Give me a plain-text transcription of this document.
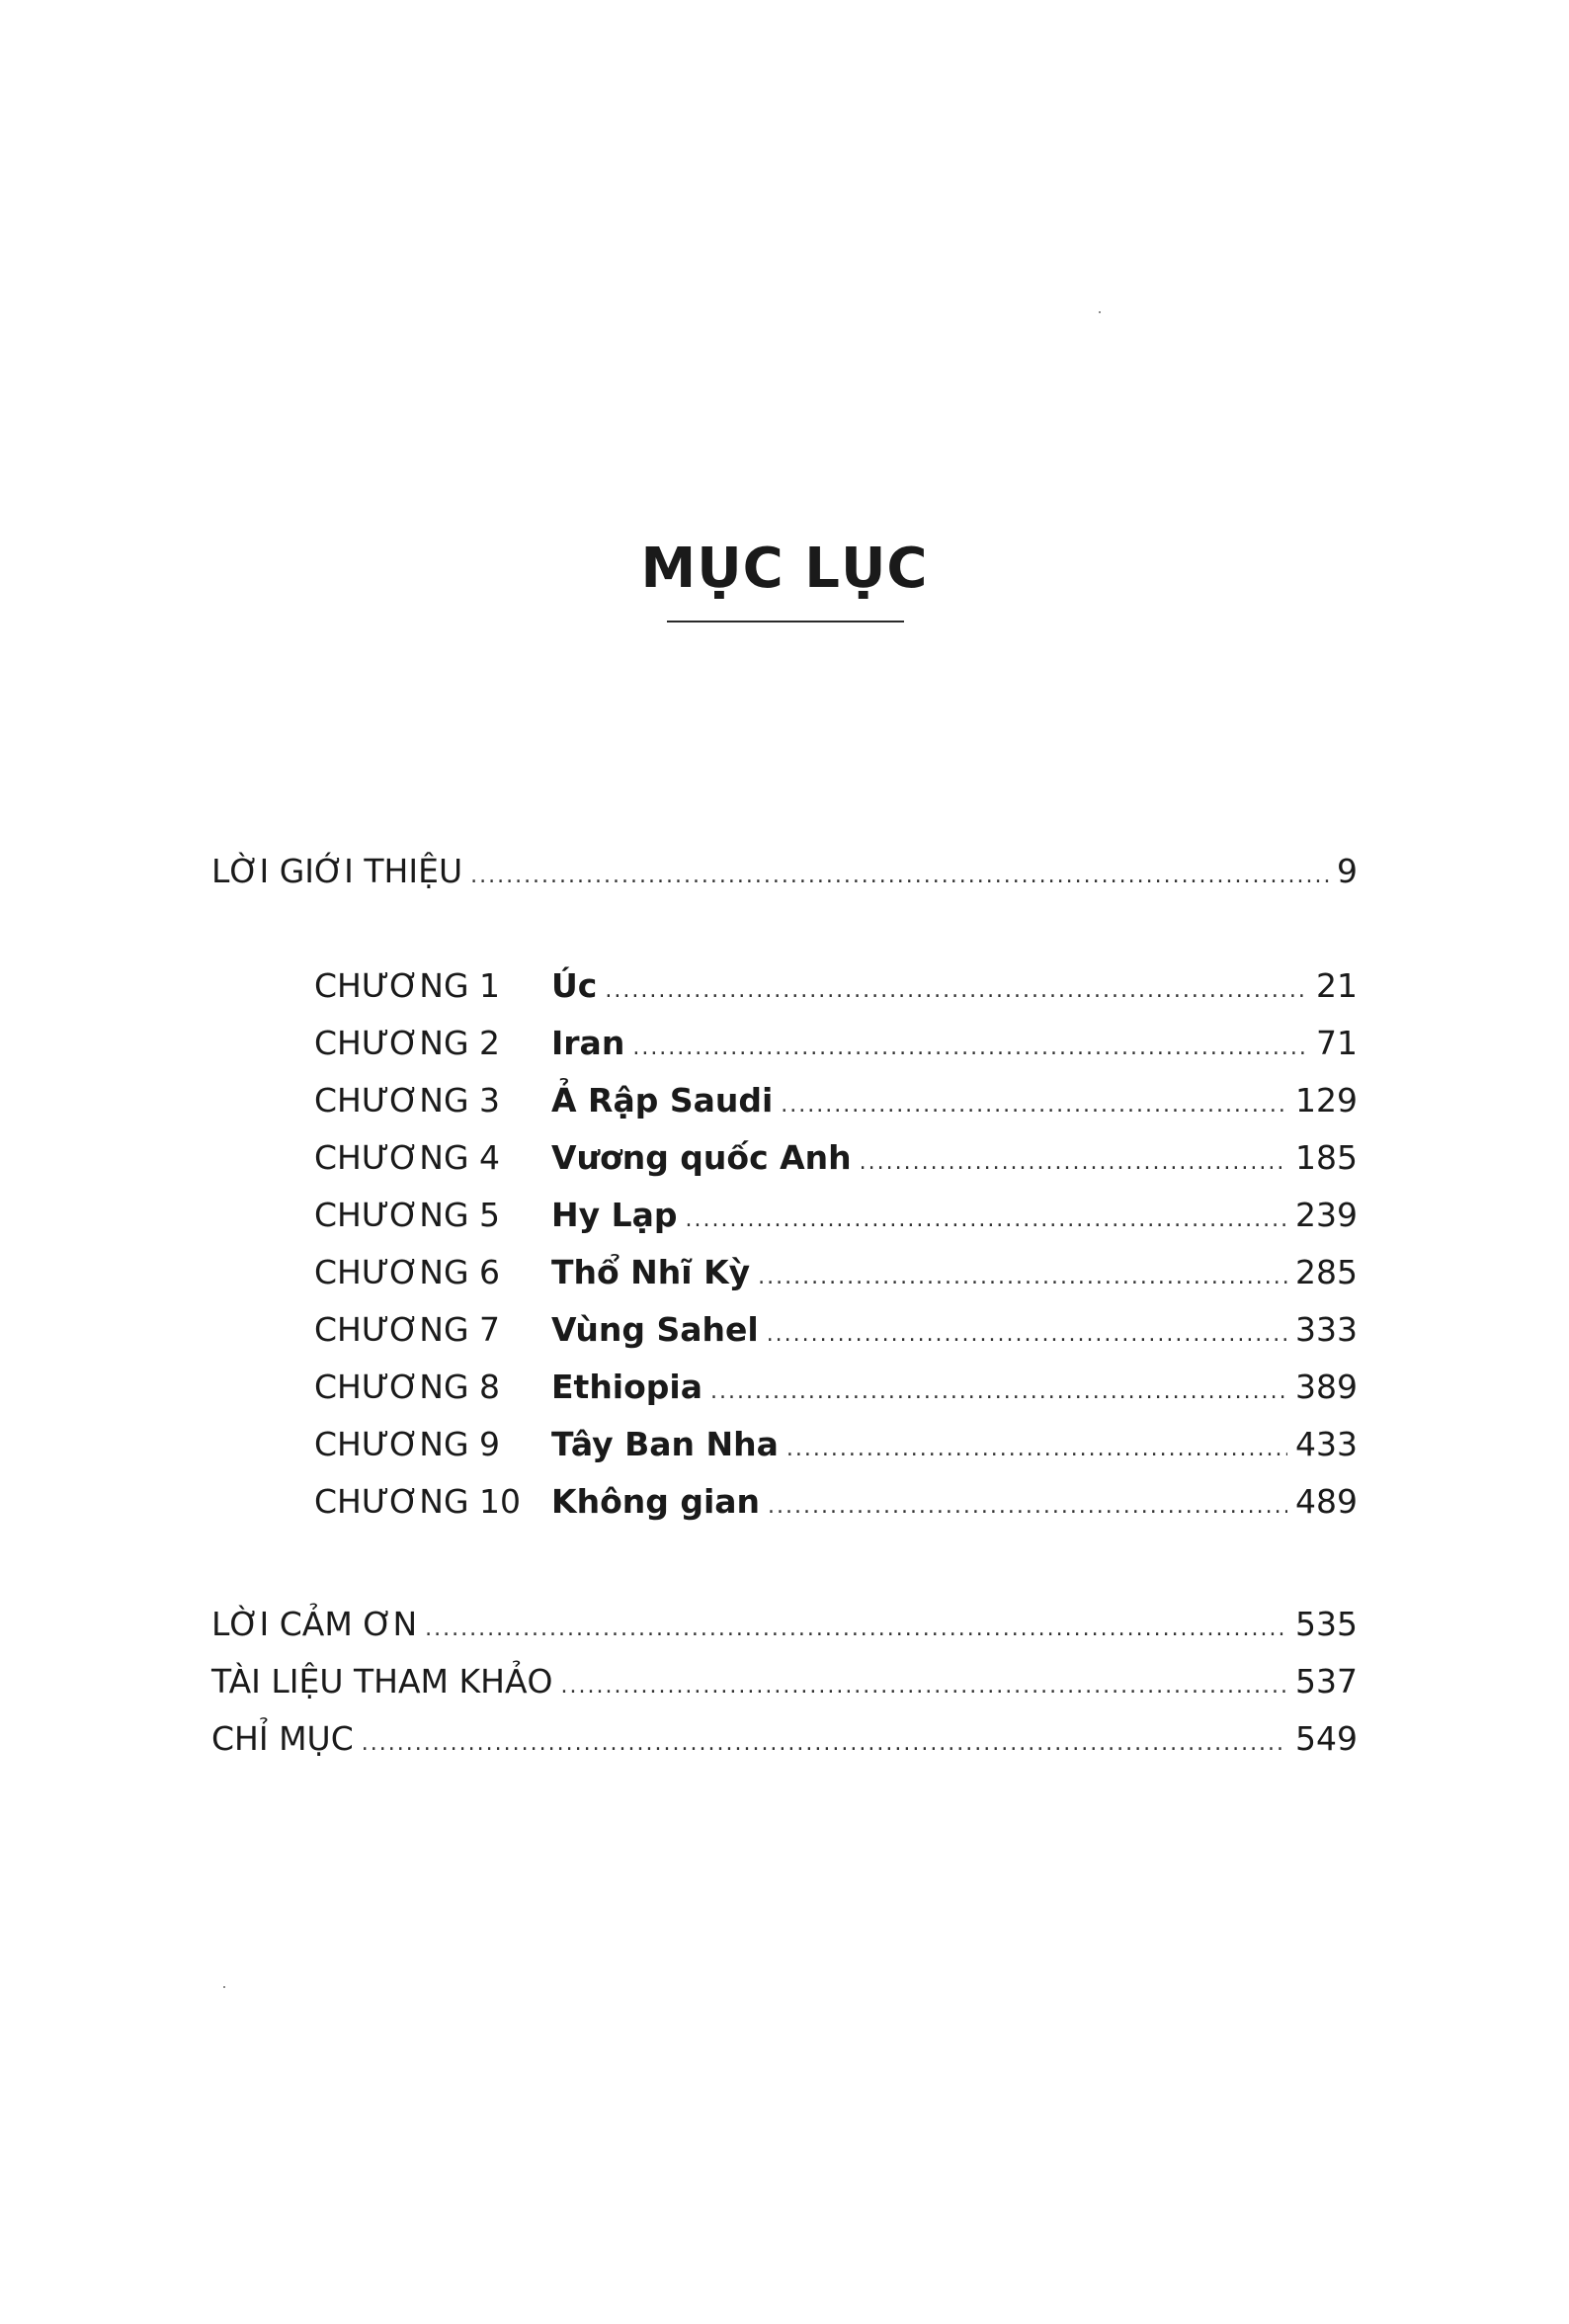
MỤC LỤC
LỜI GIỚI THIỆU .....	9
CHƯƠNG 1	Úc .....	21
CHƯƠNG 2	Iran .....	71
CHƯƠNG 3	Ả Rập Saudi .....	129
CHƯƠNG 4	Vương quốc Anh .....	185
CHƯƠNG 5	Hy Lạp .....	239
CHƯƠNG 6	Thổ Nhĩ Kỳ .....	285
CHƯƠNG 7	Vùng Sahel .....	333
CHƯƠNG 8	Ethiopia .....	389
CHƯƠNG 9	Tây Ban Nha .....	433
CHƯƠNG 10 Không gian .....	489
LỜI CẢM ƠN .....	535
TÀI LIỆU THAM KHẢO .....	537
CHỈ MỤC .....	549
